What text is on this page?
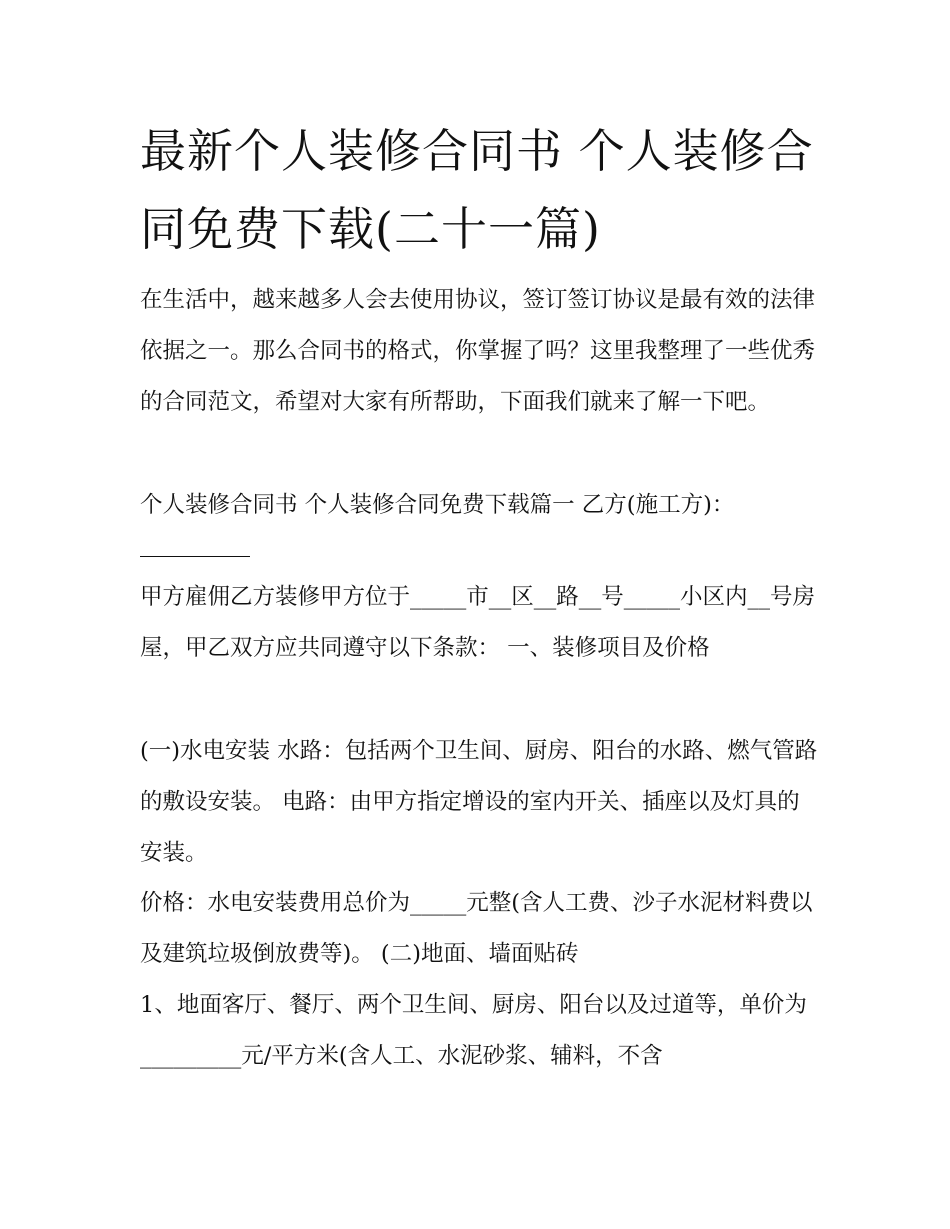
最新个人装修合同书 个人装修合同免费下载(二十一篇)

在生活中，越来越多人会去使用协议，签订签订协议是最有效的法律依据之一。那么合同书的格式，你掌握了吗？这里我整理了一些优秀的合同范文，希望对大家有所帮助，下面我们就来了解一下吧。

个人装修合同书 个人装修合同免费下载篇一 乙方(施工方)：

甲方雇佣乙方装修甲方位于_____市__区__路__号_____小区内__号房屋，甲乙双方应共同遵守以下条款： 一、装修项目及价格

(一)水电安装 水路：包括两个卫生间、厨房、阳台的水路、燃气管路的敷设安装。 电路：由甲方指定增设的室内开关、插座以及灯具的安装。

价格：水电安装费用总价为_____元整(含人工费、沙子水泥材料费以及建筑垃圾倒放费等)。 (二)地面、墙面贴砖

1、地面客厅、餐厅、两个卫生间、厨房、阳台以及过道等，单价为_________元/平方米(含人工、水泥砂浆、辅料，不含
